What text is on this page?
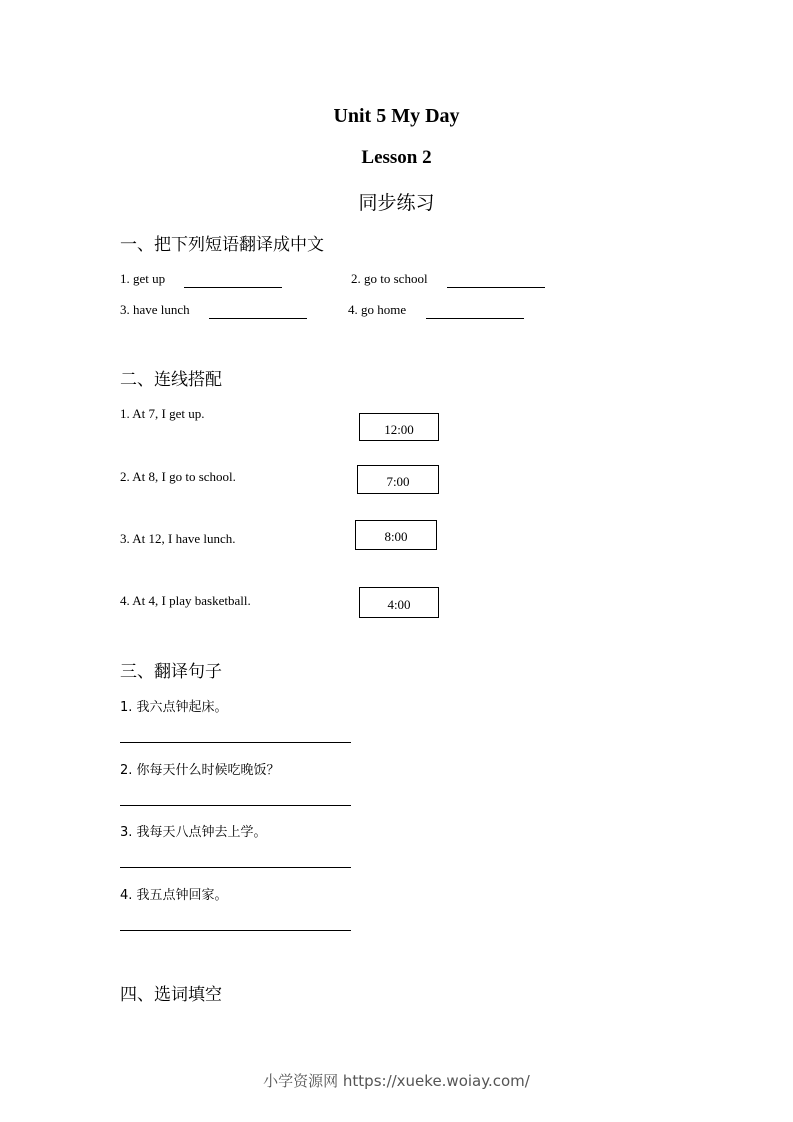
Unit 5 My Day
Lesson 2
同步练习
一、把下列短语翻译成中文
1. get up	2. go to school
3. have lunch	4. go home
二、连线搭配
1. At 7, I get up.
2. At 8, I go to school.
3. At 12, I have lunch.
4. At 4, I play basketball.
12:00
7:00
8:00
4:00
三、翻译句子
1. 我六点钟起床。
2. 你每天什么时候吃晚饭？
3. 我每天八点钟去上学。
4. 我五点钟回家。
四、选词填空
小学资源网 https://xueke.woiay.com/
